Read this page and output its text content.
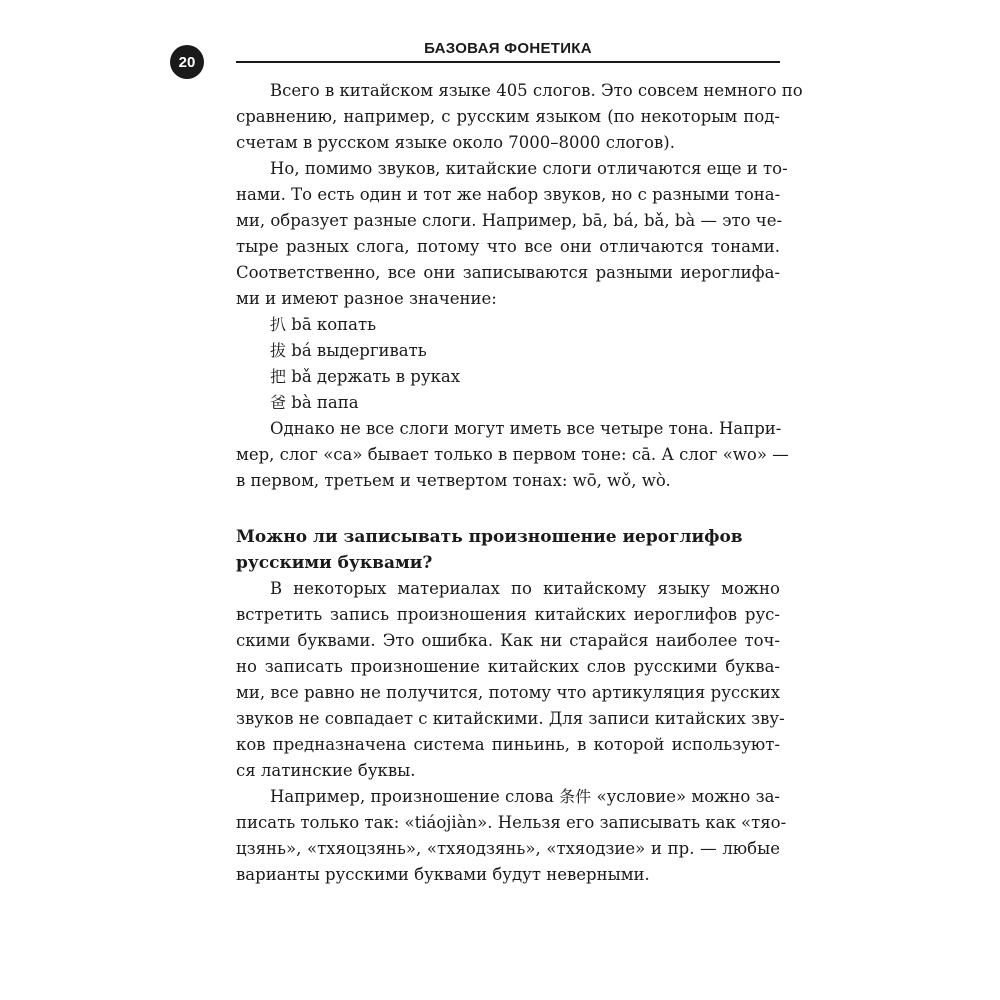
20
БАЗОВАЯ ФОНЕТИКА
Всего в китайском языке 405 слогов. Это совсем немного по
сравнению, например, с русским языком (по некоторым под-
счетам в русском языке около 7000–8000 слогов).
Но, помимо звуков, китайские слоги отличаются еще и то-
нами. То есть один и тот же набор звуков, но с разными тона-
ми, образует разные слоги. Например, bā, bá, bǎ, bà — это че-
тыре разных слога, потому что все они отличаются тонами.
Соответственно, все они записываются разными иероглифа-
ми и имеют разное значение:
扒 bā копать
拔 bá выдергивать
把 bǎ держать в руках
爸 bà папа
Однако не все слоги могут иметь все четыре тона. Напри-
мер, слог «ca» бывает только в первом тоне: cā. А слог «wo» —
в первом, третьем и четвертом тонах: wō, wǒ, wò.
Можно ли записывать произношение иероглифов
русскими буквами?
В некоторых материалах по китайскому языку можно
встретить запись произношения китайских иероглифов рус-
скими буквами. Это ошибка. Как ни старайся наиболее точ-
но записать произношение китайских слов русскими буква-
ми, все равно не получится, потому что артикуляция русских
звуков не совпадает с китайскими. Для записи китайских зву-
ков предназначена система пиньинь, в которой используют-
ся латинские буквы.
Например, произношение слова 条件 «условие» можно за-
писать только так: «tiáojiàn». Нельзя его записывать как «тяо-
цзянь», «тхяоцзянь», «тхяодзянь», «тхяодзие» и пр. — любые
варианты русскими буквами будут неверными.
